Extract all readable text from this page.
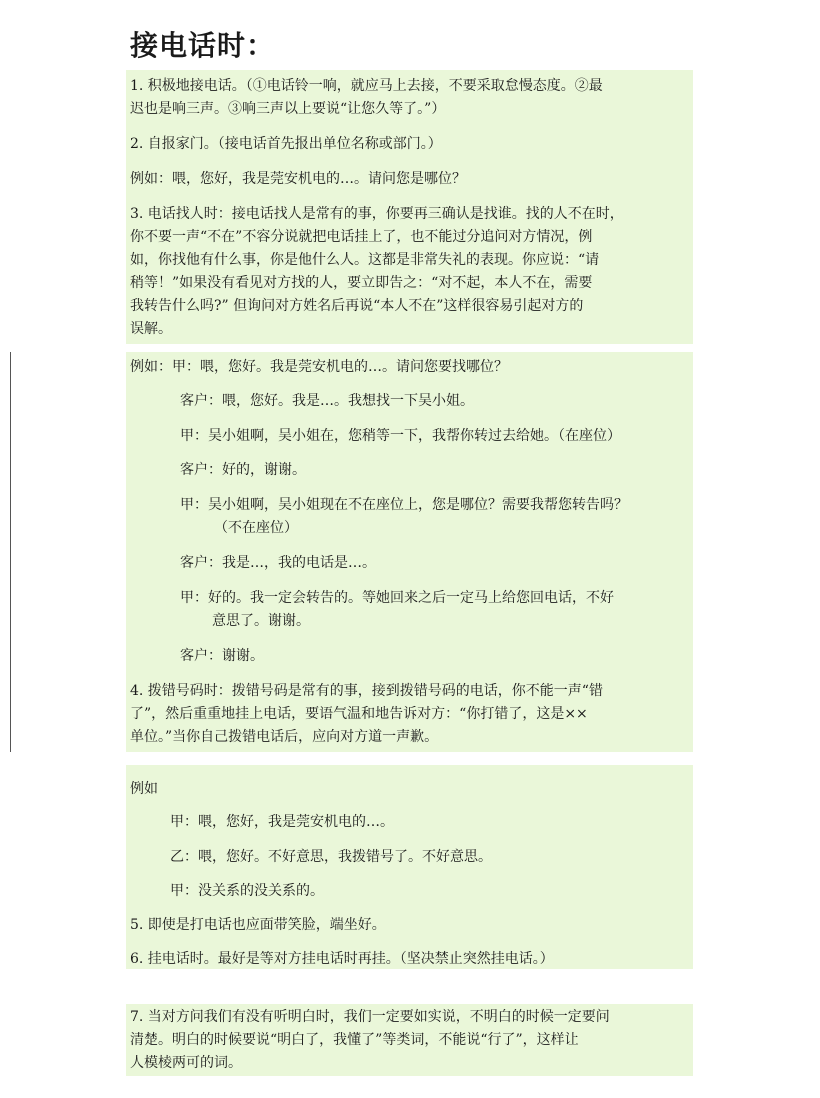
接电话时：
1. 积极地接电话。（①电话铃一响，就应马上去接，不要采取怠慢态度。②最
迟也是响三声。③响三声以上要说“让您久等了。”）
2. 自报家门。（接电话首先报出单位名称或部门。）
例如：喂，您好，我是莞安机电的…。请问您是哪位？
3. 电话找人时：接电话找人是常有的事，你要再三确认是找谁。找的人不在时，
你不要一声“不在”不容分说就把电话挂上了，也不能过分追问对方情况，例
如，你找他有什么事，你是他什么人。这都是非常失礼的表现。你应说：“请
稍等！”如果没有看见对方找的人，要立即告之：“对不起，本人不在，需要
我转告什么吗?” 但询问对方姓名后再说“本人不在”这样很容易引起对方的
误解。
例如：甲：喂，您好。我是莞安机电的…。请问您要找哪位？
客户：喂，您好。我是…。我想找一下吴小姐。
甲：吴小姐啊，吴小姐在，您稍等一下，我帮你转过去给她。（在座位）
客户：好的，谢谢。
甲：吴小姐啊，吴小姐现在不在座位上，您是哪位？需要我帮您转告吗？
（不在座位）
客户：我是…，我的电话是…。
甲：好的。我一定会转告的。等她回来之后一定马上给您回电话，不好
意思了。谢谢。
客户：谢谢。
4. 拨错号码时：拨错号码是常有的事，接到拨错号码的电话，你不能一声“错
了”，然后重重地挂上电话，要语气温和地告诉对方：“你打错了，这是××
单位。”当你自己拨错电话后，应向对方道一声歉。
例如
甲：喂，您好，我是莞安机电的…。
乙：喂，您好。不好意思，我拨错号了。不好意思。
甲：没关系的没关系的。
5. 即使是打电话也应面带笑脸，端坐好。
6. 挂电话时。最好是等对方挂电话时再挂。（坚决禁止突然挂电话。）
7. 当对方问我们有没有听明白时，我们一定要如实说，不明白的时候一定要问
清楚。明白的时候要说“明白了，我懂了”等类词，不能说“行了”，这样让
人模棱两可的词。
